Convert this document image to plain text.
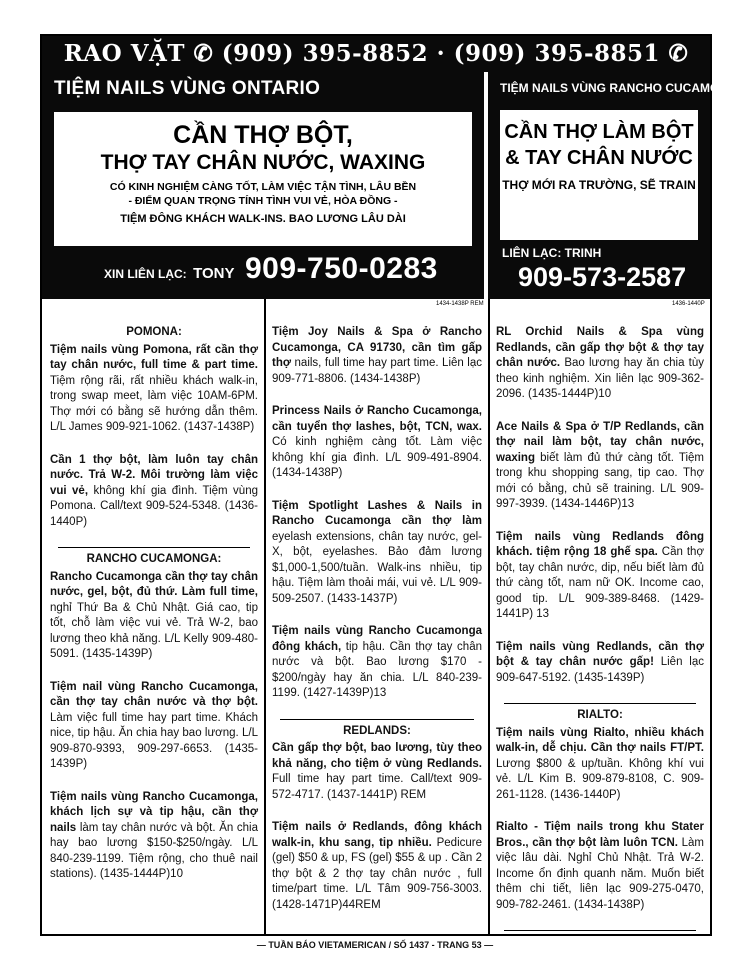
RAO VẶT ✆ (909) 395-8852 · (909) 395-8851 ✆
TIỆM NAILS VÙNG ONTARIO
CẦN THỢ BỘT,
THỢ TAY CHÂN NƯỚC, WAXING
CÓ KINH NGHIỆM CÀNG TỐT, LÀM VIỆC TẬN TÌNH, LÂU BỀN
- ĐIỂM QUAN TRỌNG TÍNH TÌNH VUI VẺ, HÒA ĐỒNG -
TIỆM ĐÔNG KHÁCH WALK-INS. BAO LƯƠNG LÂU DÀI
XIN LIÊN LẠC: TONY 909-750-0283
TIỆM NAILS VÙNG RANCHO CUCAMONGA
CẦN THỢ LÀM BỘT
& TAY CHÂN NƯỚC
THỢ MỚI RA TRƯỜNG, SẼ TRAIN
LIÊN LẠC: TRINH
909-573-2587
1434-1438P REM	1436-1440P
POMONA:
Tiệm nails vùng Pomona, rất cần thợ tay chân nước, full time & part time. Tiệm rộng rãi, rất nhiều khách walk-in, trong swap meet, làm việc 10AM-6PM. Thợ mới có bằng sẽ hướng dẫn thêm. L/L James 909-921-1062. (1437-1438P)
Cần 1 thợ bột, làm luôn tay chân nước. Trả W-2. Môi trường làm việc vui vẻ, không khí gia đình. Tiệm vùng Pomona. Call/text 909-524-5348. (1436-1440P)
RANCHO CUCAMONGA:
Rancho Cucamonga cần thợ tay chân nước, gel, bột, đủ thứ. Làm full time, nghỉ Thứ Ba & Chủ Nhật. Giá cao, tip tốt, chỗ làm việc vui vẻ. Trả W-2, bao lương theo khả năng. L/L Kelly 909-480-5091. (1435-1439P)
Tiệm nail vùng Rancho Cucamonga, cần thợ tay chân nước và thợ bột. Làm việc full time hay part time. Khách nice, tip hậu. Ăn chia hay bao lương. L/L 909-870-9393, 909-297-6653. (1435-1439P)
Tiệm nails vùng Rancho Cucamonga, khách lịch sự và tip hậu, cần thợ nails làm tay chân nước và bột. Ăn chia hay bao lương $150-$250/ngày. L/L 840-239-1199. Tiệm rộng, cho thuê nail stations). (1435-1444P)10
Tiệm Joy Nails & Spa ở Rancho Cucamonga, CA 91730, cần tìm gấp thợ nails, full time hay part time. Liên lạc 909-771-8806. (1434-1438P)
Princess Nails ở Rancho Cucamonga, cần tuyển thợ lashes, bột, TCN, wax. Có kinh nghiệm càng tốt. Làm việc không khí gia đình. L/L 909-491-8904. (1434-1438P)
Tiệm Spotlight Lashes & Nails in Rancho Cucamonga cần thợ làm eyelash extensions, chân tay nước, gel-X, bột, eyelashes. Bảo đảm lương $1,000-1,500/tuần. Walk-ins nhiều, tip hậu. Tiệm làm thoải mái, vui vẻ. L/L 909-509-2507. (1433-1437P)
Tiệm nails vùng Rancho Cucamonga đông khách, tip hậu. Cần thợ tay chân nước và bột. Bao lương $170 - $200/ngày hay ăn chia. L/L 840-239-1199. (1427-1439P)13
REDLANDS:
Cần gấp thợ bột, bao lương, tùy theo khả năng, cho tiệm ở vùng Redlands. Full time hay part time. Call/text 909-572-4717. (1437-1441P) REM
Tiệm nails ở Redlands, đông khách walk-in, khu sang, tip nhiều. Pedicure (gel) $50 & up, FS (gel) $55 & up . Cần 2 thợ bột & 2 thợ tay chân nước , full time/part time. L/L Tâm 909-756-3003. (1428-1471P)44REM
RL Orchid Nails & Spa vùng Redlands, cần gấp thợ bột & thợ tay chân nước. Bao lương hay ăn chia tùy theo kinh nghiệm. Xin liên lạc 909-362-2096. (1435-1444P)10
Ace Nails & Spa ở T/P Redlands, cần thợ nail làm bột, tay chân nước, waxing biết làm đủ thứ càng tốt. Tiệm trong khu shopping sang, tip cao. Thợ mới có bằng, chủ sẽ training. L/L 909-997-3939. (1434-1446P)13
Tiệm nails vùng Redlands đông khách. tiệm rộng 18 ghế spa. Cần thợ bột, tay chân nước, dip, nếu biết làm đủ thứ càng tốt, nam nữ OK. Income cao, good tip. L/L 909-389-8468. (1429-1441P) 13
Tiệm nails vùng Redlands, cần thợ bột & tay chân nước gấp! Liên lạc 909-647-5192. (1435-1439P)
RIALTO:
Tiệm nails vùng Rialto, nhiều khách walk-in, dễ chịu. Cần thợ nails FT/PT. Lương $800 & up/tuần. Không khí vui vẻ. L/L Kim B. 909-879-8108, C. 909-261-1128. (1436-1440P)
Rialto - Tiệm nails trong khu Stater Bros., cần thợ bột làm luôn TCN. Làm việc lâu dài. Nghỉ Chủ Nhật. Trả W-2. Income ổn định quanh năm. Muốn biết thêm chi tiết, liên lạc 909-275-0470, 909-782-2461. (1434-1438P)
— TUẦN BÁO VIETAMERICAN / SỐ 1437 - TRANG 53 —
